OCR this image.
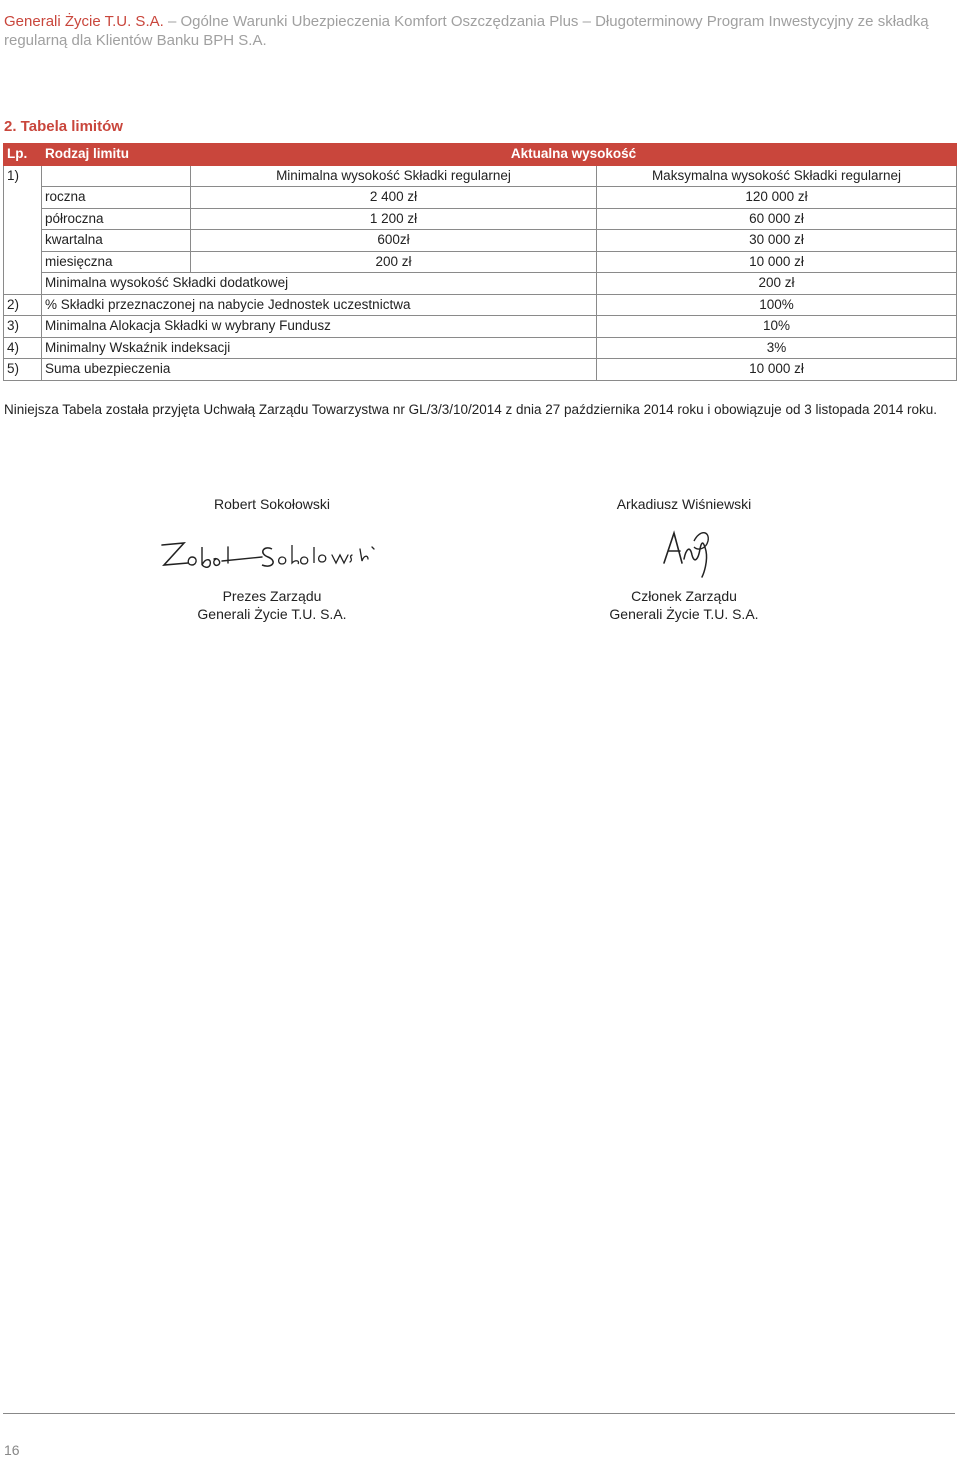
Generali Życie T.U. S.A. – Ogólne Warunki Ubezpieczenia Komfort Oszczędzania Plus – Długoterminowy Program Inwestycyjny ze składką regularną dla Klientów Banku BPH S.A.
2. Tabela limitów
Lp.	Rodzaj limitu	Aktualna wysokość	
1)		Minimalna wysokość Składki regularnej	Maksymalna wysokość Składki regularnej
	roczna	2 400 zł	120 000 zł
	półroczna	1 200 zł	60 000 zł
	kwartalna	600zł	30 000 zł
	miesięczna	200 zł	10 000 zł
	Minimalna wysokość Składki dodatkowej		200 zł
2)	% Składki przeznaczonej na nabycie Jednostek uczestnictwa		100%
3)	Minimalna Alokacja Składki w wybrany Fundusz		10%
4)	Minimalny Wskaźnik indeksacji		3%
5)	Suma ubezpieczenia		10 000 zł
Niniejsza Tabela została przyjęta Uchwałą Zarządu Towarzystwa nr GL/3/3/10/2014 z dnia 27 października 2014 roku i obowiązuje od 3 listopada 2014 roku.
Robert Sokołowski
Prezes Zarządu
Generali Życie T.U. S.A.
Arkadiusz Wiśniewski
Członek Zarządu
Generali Życie T.U. S.A.
16
